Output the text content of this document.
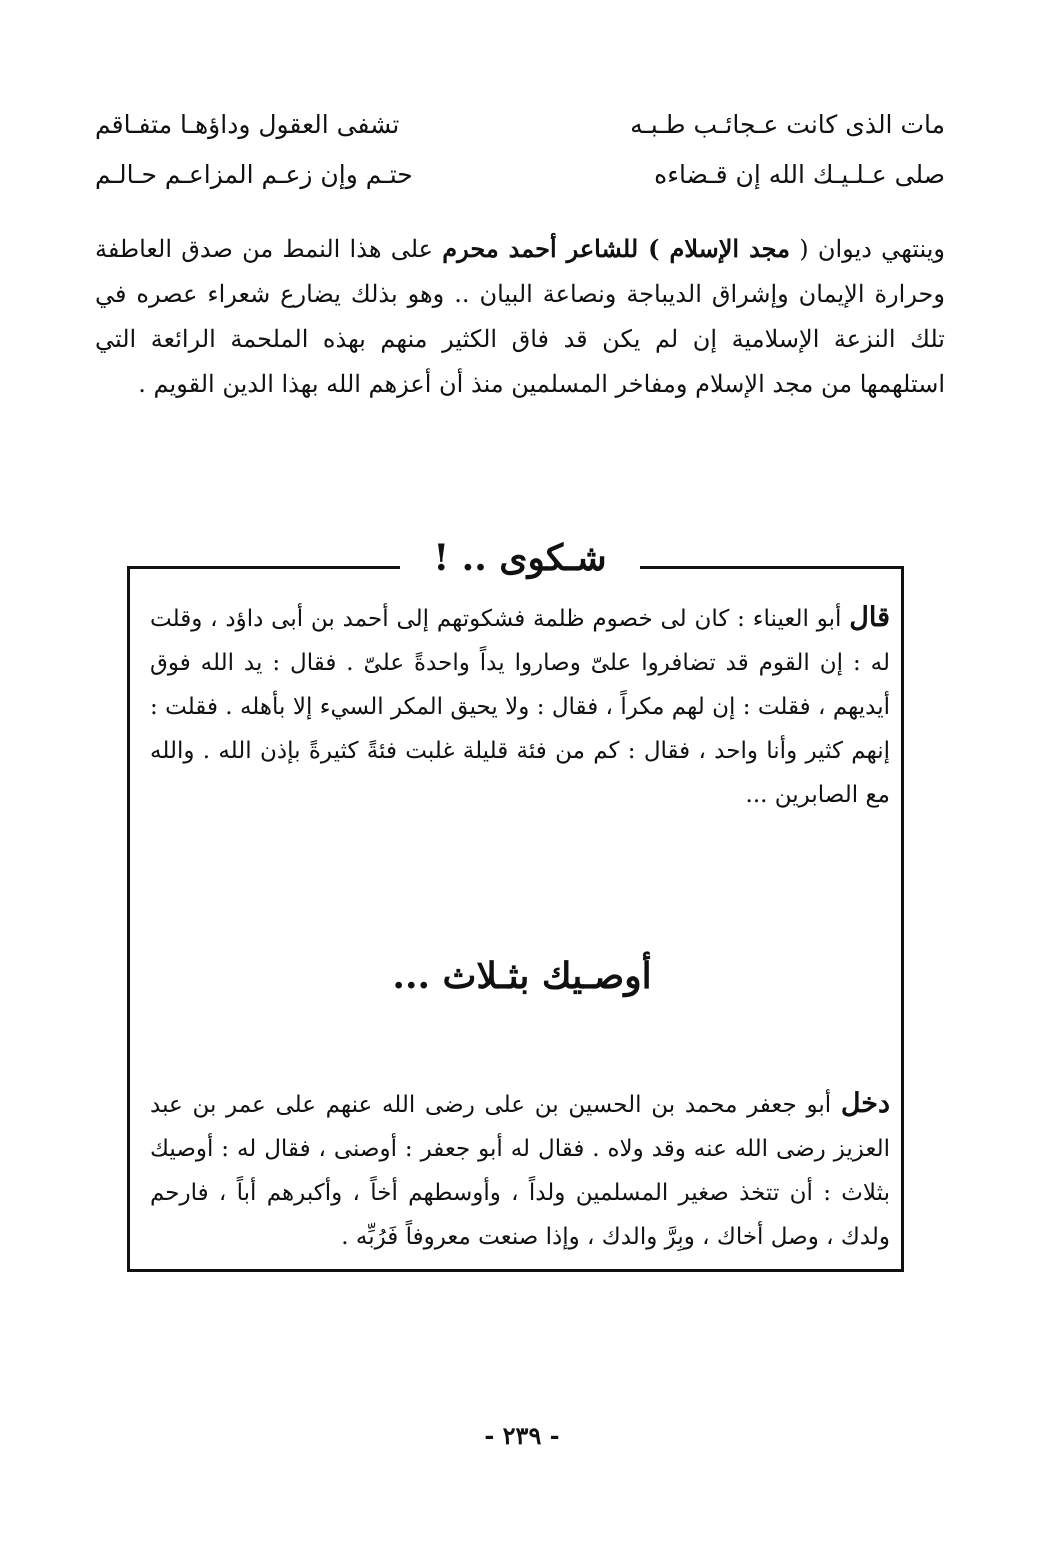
مات الذى كانت عـجائـب طـبـه
تشفى العقول وداؤهـا متفـاقم
صلى عـلـيـك الله إن قـضاءه
حتـم وإن زعـم المزاعـم حـالـم

وينتهي ديوان ( مجد الإسلام ) للشاعر أحمد محرم على هذا النمط من صدق العاطفة وحرارة الإيمان وإشراق الديباجة ونصاعة البيان .. وهو بذلك يضارع شعراء عصره في تلك النزعة الإسلامية إن لم يكن قد فاق الكثير منهم بهذه الملحمة الرائعة التي استلهمها من مجد الإسلام ومفاخر المسلمين منذ أن أعزهم الله بهذا الدين القويم .

شـكوى .. !

قال أبو العيناء : كان لى خصوم ظلمة فشكوتهم إلى أحمد بن أبى داؤد ، وقلت له : إن القوم قد تضافروا علىّ وصاروا يداً واحدةً علىّ . فقال : يد الله فوق أيديهم ، فقلت : إن لهم مكراً ، فقال : ولا يحيق المكر السيء إلا بأهله . فقلت : إنهم كثير وأنا واحد ، فقال : كم من فئة قليلة غلبت فئةً كثيرةً بإذن الله . والله مع الصابرين ...

أوصـيك بثـلاث ...

دخل أبو جعفر محمد بن الحسين بن على رضى الله عنهم على عمر بن عبد العزيز رضى الله عنه وقد ولاه . فقال له أبو جعفر : أوصنى ، فقال له : أوصيك بثلاث : أن تتخذ صغير المسلمين ولداً ، وأوسطهم أخاً ، وأكبرهم أباً ، فارحم ولدك ، وصل أخاك ، وبِرَّ والدك ، وإذا صنعت معروفاً فَرُبِّه .

- ٢٣٩ -
